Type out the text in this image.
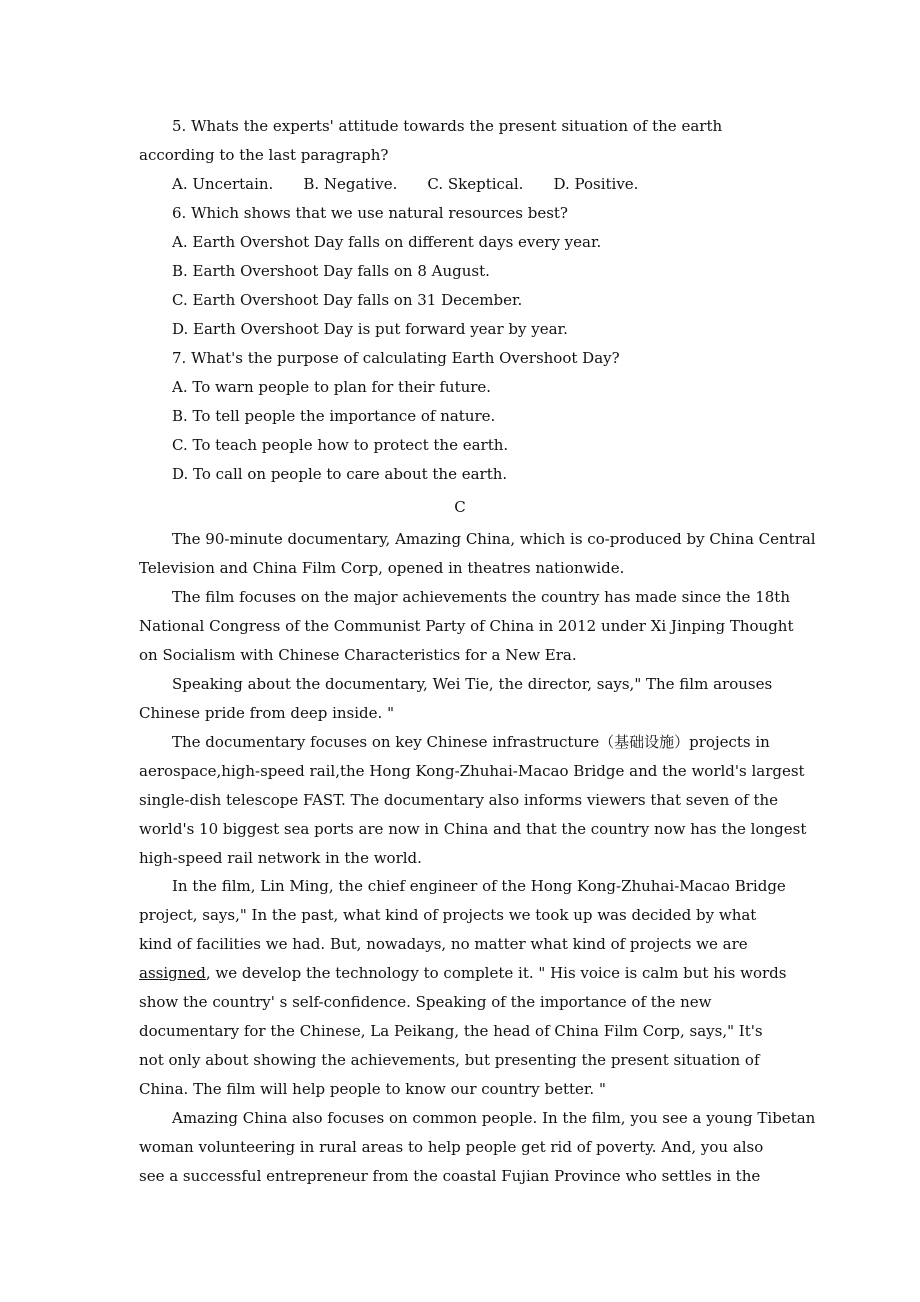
5. Whats the experts' attitude towards the present situation of the earth
according to the last paragraph?
A. Uncertain. B. Negative. C. Skeptical. D. Positive.
6. Which shows that we use natural resources best?
A. Earth Overshot Day falls on different days every year.
B. Earth Overshoot Day falls on 8 August.
C. Earth Overshoot Day falls on 31 December.
D. Earth Overshoot Day is put forward year by year.
7. What's the purpose of calculating Earth Overshoot Day?
A. To warn people to plan for their future.
B. To tell people the importance of nature.
C. To teach people how to protect the earth.
D. To call on people to care about the earth.
C
The 90-minute documentary, Amazing China, which is co-produced by China Central
Television and China Film Corp, opened in theatres nationwide.
The film focuses on the major achievements the country has made since the 18th
National Congress of the Communist Party of China in 2012 under Xi Jinping Thought
on Socialism with Chinese Characteristics for a New Era.
Speaking about the documentary, Wei Tie, the director, says," The film arouses
Chinese pride from deep inside. "
The documentary focuses on key Chinese infrastructure（基础设施）projects in
aerospace,high-speed rail,the Hong Kong-Zhuhai-Macao Bridge and the world's largest
single-dish telescope FAST. The documentary also informs viewers that seven of the
world's 10 biggest sea ports are now in China and that the country now has the longest
high-speed rail network in the world.
In the film, Lin Ming, the chief engineer of the Hong Kong-Zhuhai-Macao Bridge
project, says," In the past, what kind of projects we took up was decided by what
kind of facilities we had. But, nowadays, no matter what kind of projects we are
assigned, we develop the technology to complete it. " His voice is calm but his words
show the country' s self-confidence. Speaking of the importance of the new
documentary for the Chinese, La Peikang, the head of China Film Corp, says," It's
not only about showing the achievements, but presenting the present situation of
China. The film will help people to know our country better. "
Amazing China also focuses on common people. In the film, you see a young Tibetan
woman volunteering in rural areas to help people get rid of poverty. And, you also
see a successful entrepreneur from the coastal Fujian Province who settles in the
